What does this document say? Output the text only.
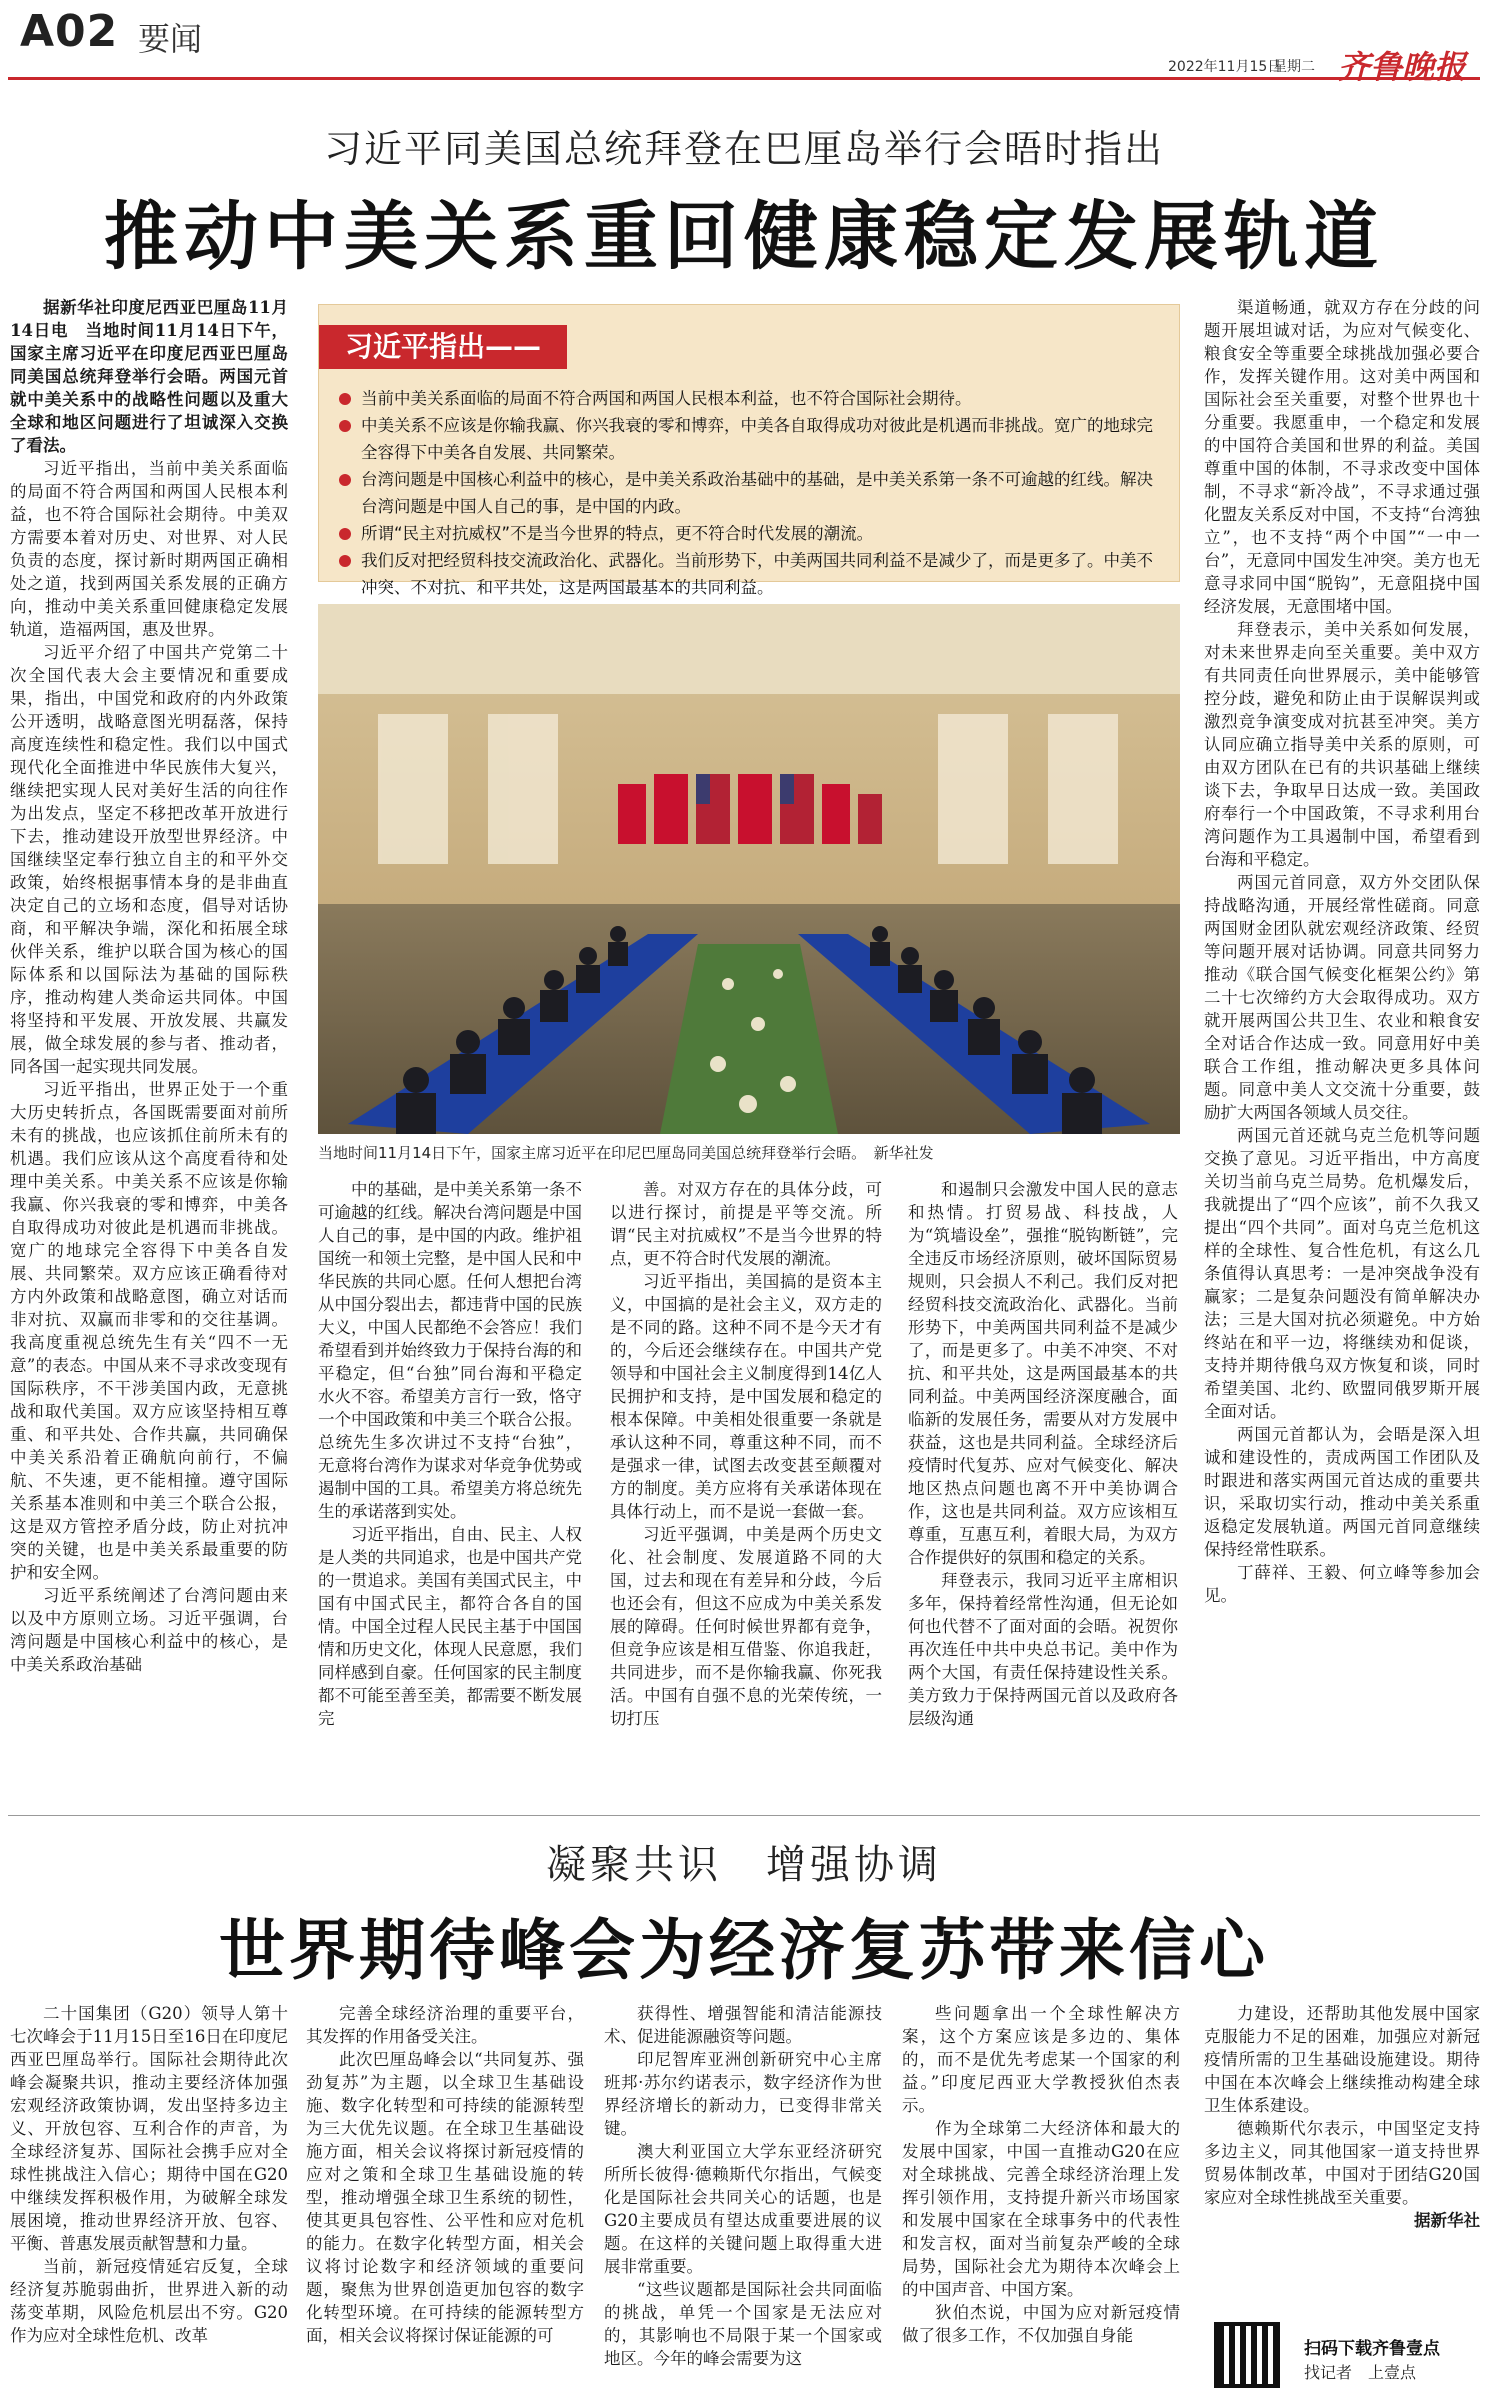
A02 要闻
2022年11月15日
星期二 齐鲁晚报
习近平同美国总统拜登在巴厘岛举行会晤时指出
推动中美关系重回健康稳定发展轨道

据新华社印度尼西亚巴厘岛11月14日电　当地时间11月14日下午，国家主席习近平在印度尼西亚巴厘岛同美国总统拜登举行会晤。两国元首就中美关系中的战略性问题以及重大全球和地区问题进行了坦诚深入交换了看法。

习近平指出，当前中美关系面临的局面不符合两国和两国人民根本利益，也不符合国际社会期待。中美双方需要本着对历史、对世界、对人民负责的态度，探讨新时期两国正确相处之道，找到两国关系发展的正确方向，推动中美关系重回健康稳定发展轨道，造福两国，惠及世界。

习近平介绍了中国共产党第二十次全国代表大会主要情况和重要成果，指出，中国党和政府的内外政策公开透明，战略意图光明磊落，保持高度连续性和稳定性。我们以中国式现代化全面推进中华民族伟大复兴，继续把实现人民对美好生活的向往作为出发点，坚定不移把改革开放进行下去，推动建设开放型世界经济。中国继续坚定奉行独立自主的和平外交政策，始终根据事情本身的是非曲直决定自己的立场和态度，倡导对话协商，和平解决争端，深化和拓展全球伙伴关系，维护以联合国为核心的国际体系和以国际法为基础的国际秩序，推动构建人类命运共同体。中国将坚持和平发展、开放发展、共赢发展，做全球发展的参与者、推动者，同各国一起实现共同发展。

习近平指出，世界正处于一个重大历史转折点，各国既需要面对前所未有的挑战，也应该抓住前所未有的机遇。我们应该从这个高度看待和处理中美关系。中美关系不应该是你输我赢、你兴我衰的零和博弈，中美各自取得成功对彼此是机遇而非挑战。宽广的地球完全容得下中美各自发展、共同繁荣。双方应该正确看待对方内外政策和战略意图，确立对话而非对抗、双赢而非零和的交往基调。我高度重视总统先生有关“四不一无意”的表态。中国从来不寻求改变现有国际秩序，不干涉美国内政，无意挑战和取代美国。双方应该坚持相互尊重、和平共处、合作共赢，共同确保中美关系沿着正确航向前行，不偏航、不失速，更不能相撞。遵守国际关系基本准则和中美三个联合公报，这是双方管控矛盾分歧，防止对抗冲突的关键，也是中美关系最重要的防护和安全网。

习近平系统阐述了台湾问题由来以及中方原则立场。习近平强调，台湾问题是中国核心利益中的核心，是中美关系政治基础

习近平指出——
当前中美关系面临的局面不符合两国和两国人民根本利益，也不符合国际社会期待。
中美关系不应该是你输我赢、你兴我衰的零和博弈，中美各自取得成功对彼此是机遇而非挑战。宽广的地球完全容得下中美各自发展、共同繁荣。
台湾问题是中国核心利益中的核心，是中美关系政治基础中的基础，是中美关系第一条不可逾越的红线。解决台湾问题是中国人自己的事，是中国的内政。
所谓“民主对抗威权”不是当今世界的特点，更不符合时代发展的潮流。
我们反对把经贸科技交流政治化、武器化。当前形势下，中美两国共同利益不是减少了，而是更多了。中美不冲突、不对抗、和平共处，这是两国最基本的共同利益。
当地时间11月14日下午，国家主席习近平在印尼巴厘岛同美国总统拜登举行会晤。　新华社发

中的基础，是中美关系第一条不可逾越的红线。解决台湾问题是中国人自己的事，是中国的内政。维护祖国统一和领土完整，是中国人民和中华民族的共同心愿。任何人想把台湾从中国分裂出去，都违背中国的民族大义，中国人民都绝不会答应！我们希望看到并始终致力于保持台海的和平稳定，但“台独”同台海和平稳定水火不容。希望美方言行一致，恪守一个中国政策和中美三个联合公报。总统先生多次讲过不支持“台独”，无意将台湾作为谋求对华竞争优势或遏制中国的工具。希望美方将总统先生的承诺落到实处。

习近平指出，自由、民主、人权是人类的共同追求，也是中国共产党的一贯追求。美国有美国式民主，中国有中国式民主，都符合各自的国情。中国全过程人民民主基于中国国情和历史文化，体现人民意愿，我们同样感到自豪。任何国家的民主制度都不可能至善至美，都需要不断发展完

善。对双方存在的具体分歧，可以进行探讨，前提是平等交流。所谓“民主对抗威权”不是当今世界的特点，更不符合时代发展的潮流。

习近平指出，美国搞的是资本主义，中国搞的是社会主义，双方走的是不同的路。这种不同不是今天才有的，今后还会继续存在。中国共产党领导和中国社会主义制度得到14亿人民拥护和支持，是中国发展和稳定的根本保障。中美相处很重要一条就是承认这种不同，尊重这种不同，而不是强求一律，试图去改变甚至颠覆对方的制度。美方应将有关承诺体现在具体行动上，而不是说一套做一套。

习近平强调，中美是两个历史文化、社会制度、发展道路不同的大国，过去和现在有差异和分歧，今后也还会有，但这不应成为中美关系发展的障碍。任何时候世界都有竞争，但竞争应该是相互借鉴、你追我赶，共同进步，而不是你输我赢、你死我活。中国有自强不息的光荣传统，一切打压

和遏制只会激发中国人民的意志和热情。打贸易战、科技战，人为“筑墙设垒”，强推“脱钩断链”，完全违反市场经济原则，破坏国际贸易规则，只会损人不利己。我们反对把经贸科技交流政治化、武器化。当前形势下，中美两国共同利益不是减少了，而是更多了。中美不冲突、不对抗、和平共处，这是两国最基本的共同利益。中美两国经济深度融合，面临新的发展任务，需要从对方发展中获益，这也是共同利益。全球经济后疫情时代复苏、应对气候变化、解决地区热点问题也离不开中美协调合作，这也是共同利益。双方应该相互尊重，互惠互利，着眼大局，为双方合作提供好的氛围和稳定的关系。

拜登表示，我同习近平主席相识多年，保持着经常性沟通，但无论如何也代替不了面对面的会晤。祝贺你再次连任中共中央总书记。美中作为两个大国，有责任保持建设性关系。美方致力于保持两国元首以及政府各层级沟通

渠道畅通，就双方存在分歧的问题开展坦诚对话，为应对气候变化、粮食安全等重要全球挑战加强必要合作，发挥关键作用。这对美中两国和国际社会至关重要，对整个世界也十分重要。我愿重申，一个稳定和发展的中国符合美国和世界的利益。美国尊重中国的体制，不寻求改变中国体制，不寻求“新冷战”，不寻求通过强化盟友关系反对中国，不支持“台湾独立”，也不支持“两个中国”“一中一台”，无意同中国发生冲突。美方也无意寻求同中国“脱钩”，无意阻挠中国经济发展，无意围堵中国。

拜登表示，美中关系如何发展，对未来世界走向至关重要。美中双方有共同责任向世界展示，美中能够管控分歧，避免和防止由于误解误判或激烈竞争演变成对抗甚至冲突。美方认同应确立指导美中关系的原则，可由双方团队在已有的共识基础上继续谈下去，争取早日达成一致。美国政府奉行一个中国政策，不寻求利用台湾问题作为工具遏制中国，希望看到台海和平稳定。

两国元首同意，双方外交团队保持战略沟通，开展经常性磋商。同意两国财金团队就宏观经济政策、经贸等问题开展对话协调。同意共同努力推动《联合国气候变化框架公约》第二十七次缔约方大会取得成功。双方就开展两国公共卫生、农业和粮食安全对话合作达成一致。同意用好中美联合工作组，推动解决更多具体问题。同意中美人文交流十分重要，鼓励扩大两国各领域人员交往。

两国元首还就乌克兰危机等问题交换了意见。习近平指出，中方高度关切当前乌克兰局势。危机爆发后，我就提出了“四个应该”，前不久我又提出“四个共同”。面对乌克兰危机这样的全球性、复合性危机，有这么几条值得认真思考：一是冲突战争没有赢家；二是复杂问题没有简单解决办法；三是大国对抗必须避免。中方始终站在和平一边，将继续劝和促谈，支持并期待俄乌双方恢复和谈，同时希望美国、北约、欧盟同俄罗斯开展全面对话。

两国元首都认为，会晤是深入坦诚和建设性的，责成两国工作团队及时跟进和落实两国元首达成的重要共识，采取切实行动，推动中美关系重返稳定发展轨道。两国元首同意继续保持经常性联系。

丁薛祥、王毅、何立峰等参加会见。

凝聚共识　增强协调
世界期待峰会为经济复苏带来信心

二十国集团（G20）领导人第十七次峰会于11月15日至16日在印度尼西亚巴厘岛举行。国际社会期待此次峰会凝聚共识，推动主要经济体加强宏观经济政策协调，发出坚持多边主义、开放包容、互利合作的声音，为全球经济复苏、国际社会携手应对全球性挑战注入信心；期待中国在G20中继续发挥积极作用，为破解全球发展困境，推动世界经济开放、包容、平衡、普惠发展贡献智慧和力量。

当前，新冠疫情延宕反复，全球经济复苏脆弱曲折，世界进入新的动荡变革期，风险危机层出不穷。G20作为应对全球性危机、改革

完善全球经济治理的重要平台，其发挥的作用备受关注。

此次巴厘岛峰会以“共同复苏、强劲复苏”为主题，以全球卫生基础设施、数字化转型和可持续的能源转型为三大优先议题。在全球卫生基础设施方面，相关会议将探讨新冠疫情的应对之策和全球卫生基础设施的转型，推动增强全球卫生系统的韧性，使其更具包容性、公平性和应对危机的能力。在数字化转型方面，相关会议将讨论数字和经济领域的重要问题，聚焦为世界创造更加包容的数字化转型环境。在可持续的能源转型方面，相关会议将探讨保证能源的可

获得性、增强智能和清洁能源技术、促进能源融资等问题。

印尼智库亚洲创新研究中心主席班邦·苏尔约诺表示，数字经济作为世界经济增长的新动力，已变得非常关键。

澳大利亚国立大学东亚经济研究所所长彼得·德赖斯代尔指出，气候变化是国际社会共同关心的话题，也是G20主要成员有望达成重要进展的议题。在这样的关键问题上取得重大进展非常重要。

“这些议题都是国际社会共同面临的挑战，单凭一个国家是无法应对的，其影响也不局限于某一个国家或地区。今年的峰会需要为这

些问题拿出一个全球性解决方案，这个方案应该是多边的、集体的，而不是优先考虑某一个国家的利益。”印度尼西亚大学教授狄伯杰表示。

作为全球第二大经济体和最大的发展中国家，中国一直推动G20在应对全球挑战、完善全球经济治理上发挥引领作用，支持提升新兴市场国家和发展中国家在全球事务中的代表性和发言权，面对当前复杂严峻的全球局势，国际社会尤为期待本次峰会上的中国声音、中国方案。

狄伯杰说，中国为应对新冠疫情做了很多工作，不仅加强自身能

力建设，还帮助其他发展中国家克服能力不足的困难，加强应对新冠疫情所需的卫生基础设施建设。期待中国在本次峰会上继续推动构建全球卫生体系建设。

德赖斯代尔表示，中国坚定支持多边主义，同其他国家一道支持世界贸易体制改革，中国对于团结G20国家应对全球性挑战至关重要。

据新华社

扫码下载齐鲁壹点
找记者　上壹点
